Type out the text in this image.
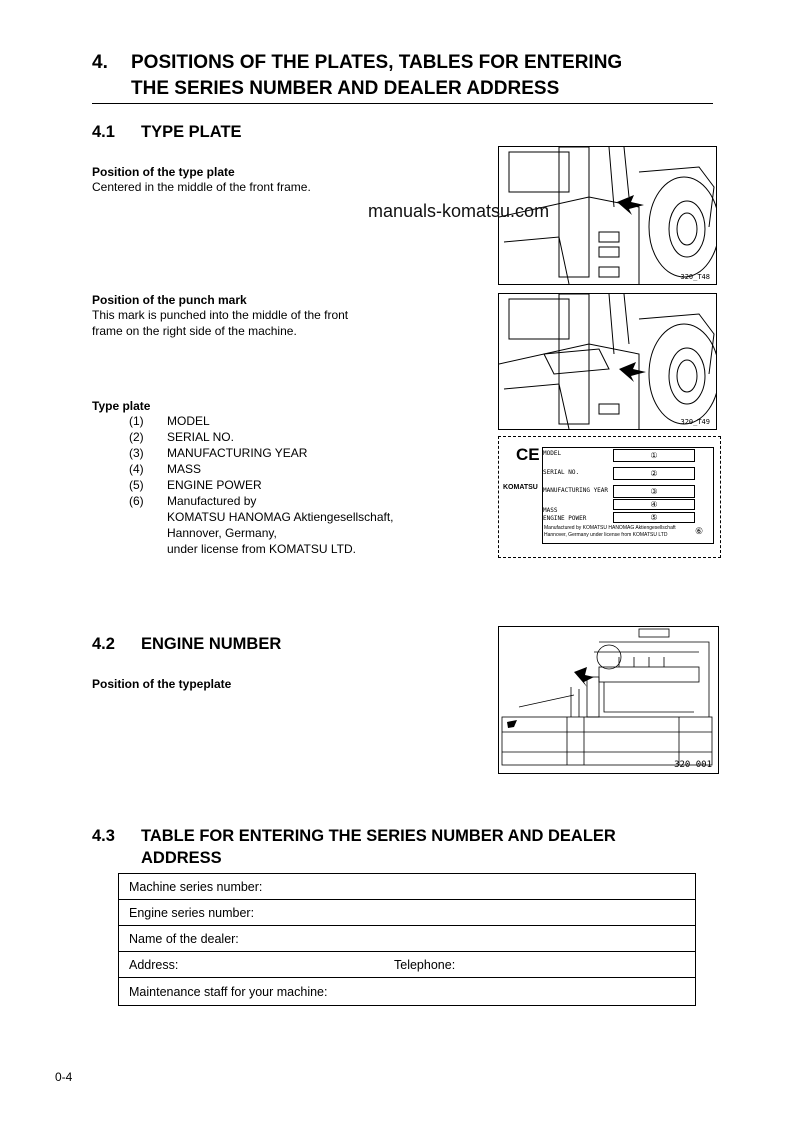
4. POSITIONS OF THE PLATES, TABLES FOR ENTERING
THE SERIES NUMBER AND DEALER ADDRESS
4.1 TYPE PLATE
Position of the type plate
Centered in the middle of the front frame.
320_T48
manuals-komatsu.com
Position of the punch mark
This mark is punched into the middle of the front
frame on the right side of the machine.
320_T49
Type plate
(1) MODEL
(2) SERIAL NO.
(3) MANUFACTURING YEAR
(4) MASS
(5) ENGINE POWER
(6) Manufactured by
KOMATSU HANOMAG Aktiengesellschaft,
Hannover, Germany,
under license from KOMATSU LTD.
CE
KOMATSU
MODEL
SERIAL NO.
MANUFACTURING YEAR
MASS
ENGINE POWER
①
②
③
④
⑤
Manufactured by KOMATSU HANOMAG Aktiengesellschaft
Hannover, Germany under license from KOMATSU LTD	⑥
4.2 ENGINE NUMBER
Position of the typeplate
320 001
4.3 TABLE FOR ENTERING THE SERIES NUMBER AND DEALER
ADDRESS
Machine series number:
Engine series number:
Name of the dealer:
Address:	Telephone:
Maintenance staff for your machine:
0-4
